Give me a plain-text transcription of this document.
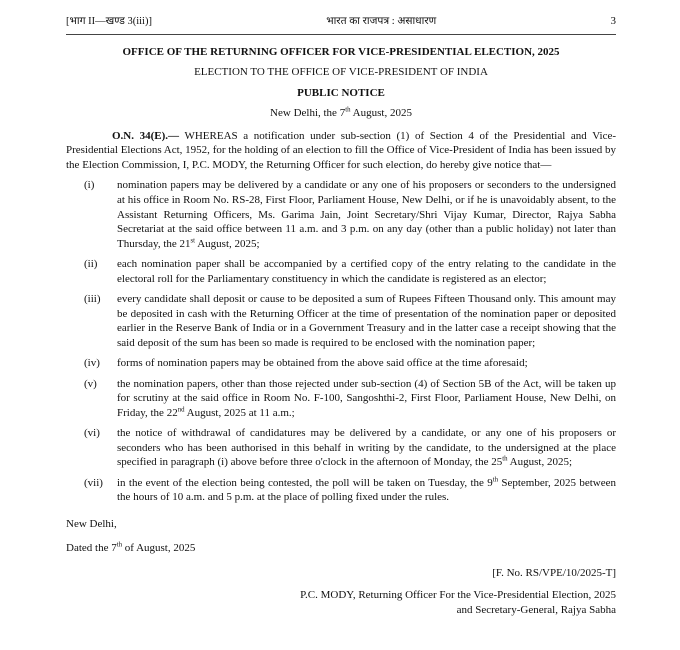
[भाग II—खण्ड 3(iii)]	भारत का राजपत्र : असाधारण	3
OFFICE OF THE RETURNING OFFICER FOR VICE-PRESIDENTIAL ELECTION, 2025
ELECTION TO THE OFFICE OF VICE-PRESIDENT OF INDIA
PUBLIC NOTICE

New Delhi, the 7th August, 2025

O.N. 34(E).— WHEREAS a notification under sub-section (1) of Section 4 of the Presidential and Vice-Presidential Elections Act, 1952, for the holding of an election to fill the Office of Vice-President of India has been issued by the Election Commission, I, P.C. MODY, the Returning Officer for such election, do hereby give notice that—

(i)	nomination papers may be delivered by a candidate or any one of his proposers or seconders to the undersigned at his office in Room No. RS-28, First Floor, Parliament House, New Delhi, or if he is unavoidably absent, to the Assistant Returning Officers, Ms. Garima Jain, Joint Secretary/Shri Vijay Kumar, Director, Rajya Sabha Secretariat at the said office between 11 a.m. and 3 p.m. on any day (other than a public holiday) not later than Thursday, the 21st August, 2025;
(ii)	each nomination paper shall be accompanied by a certified copy of the entry relating to the candidate in the electoral roll for the Parliamentary constituency in which the candidate is registered as an elector;
(iii)	every candidate shall deposit or cause to be deposited a sum of Rupees Fifteen Thousand only. This amount may be deposited in cash with the Returning Officer at the time of presentation of the nomination paper or deposited earlier in the Reserve Bank of India or in a Government Treasury and in the latter case a receipt showing that the said deposit of the sum has been so made is required to be enclosed with the nomination paper;
(iv)	forms of nomination papers may be obtained from the above said office at the time aforesaid;
(v)	the nomination papers, other than those rejected under sub-section (4) of Section 5B of the Act, will be taken up for scrutiny at the said office in Room No. F-100, Sangoshthi-2, First Floor, Parliament House, New Delhi, on Friday, the 22nd August, 2025 at 11 a.m.;
(vi)	the notice of withdrawal of candidatures may be delivered by a candidate, or any one of his proposers or seconders who has been authorised in this behalf in writing by the candidate, to the undersigned at the place specified in paragraph (i) above before three o'clock in the afternoon of Monday, the 25th August, 2025;
(vii)	in the event of the election being contested, the poll will be taken on Tuesday, the 9th September, 2025 between the hours of 10 a.m. and 5 p.m. at the place of polling fixed under the rules.

New Delhi,

Dated the 7th of August, 2025

[F. No. RS/VPE/10/2025-T]

P.C. MODY, Returning Officer For the Vice-Presidential Election, 2025

and Secretary-General, Rajya Sabha
